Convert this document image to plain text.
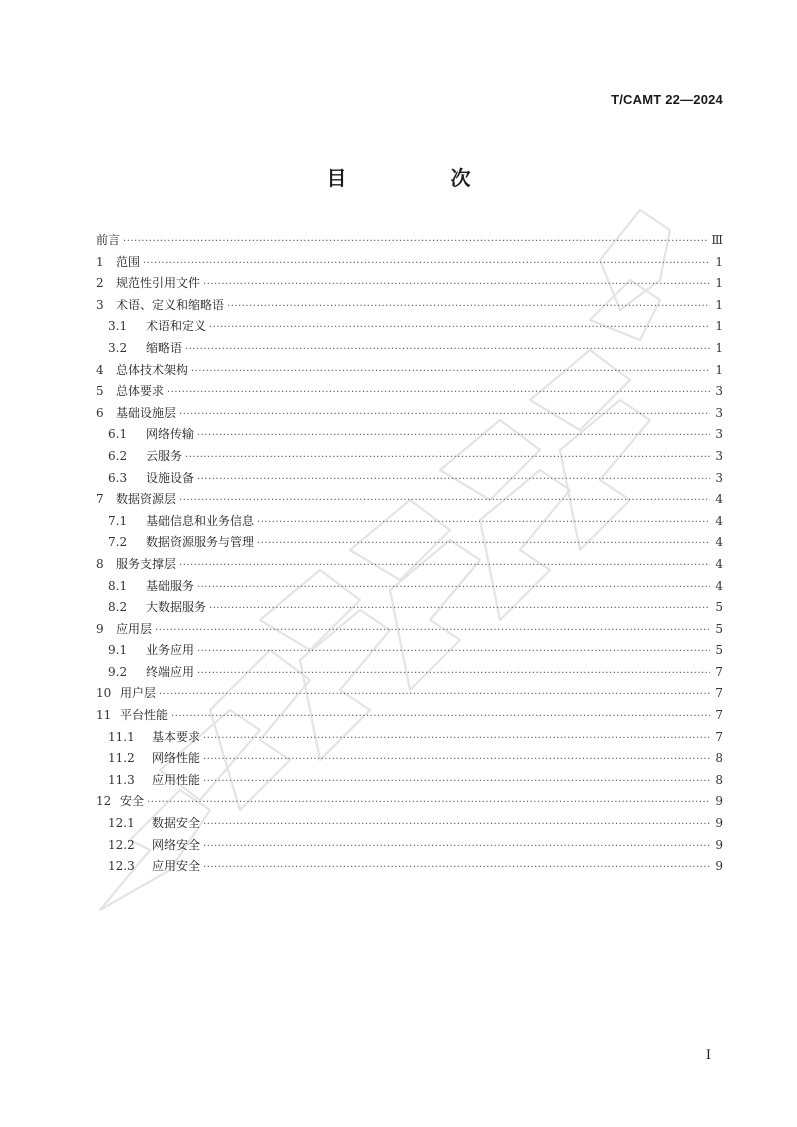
T/CAMT 22—2024
目　次
前言 ·····	Ⅲ
1	范围 ·····	1
2	规范性引用文件 ·····	1
3	术语、定义和缩略语 ·····	1
3.1	术语和定义 ·····	1
3.2	缩略语 ·····	1
4	总体技术架构 ·····	1
5	总体要求 ·····	3
6	基础设施层 ·····	3
6.1	网络传输 ·····	3
6.2	云服务 ·····	3
6.3	设施设备 ·····	3
7	数据资源层 ·····	4
7.1	基础信息和业务信息 ·····	4
7.2	数据资源服务与管理 ·····	4
8	服务支撑层 ·····	4
8.1	基础服务 ·····	4
8.2	大数据服务 ·····	5
9	应用层 ·····	5
9.1	业务应用 ·····	5
9.2	终端应用 ·····	7
10 用户层 ·····	7
11 平台性能 ·····	7
11.1	基本要求 ·····	7
11.2	网络性能 ·····	8
11.3	应用性能 ·····	8
12 安全 ·····	9
12.1	数据安全 ·····	9
12.2	网络安全 ·····	9
12.3	应用安全 ·····	9
I
